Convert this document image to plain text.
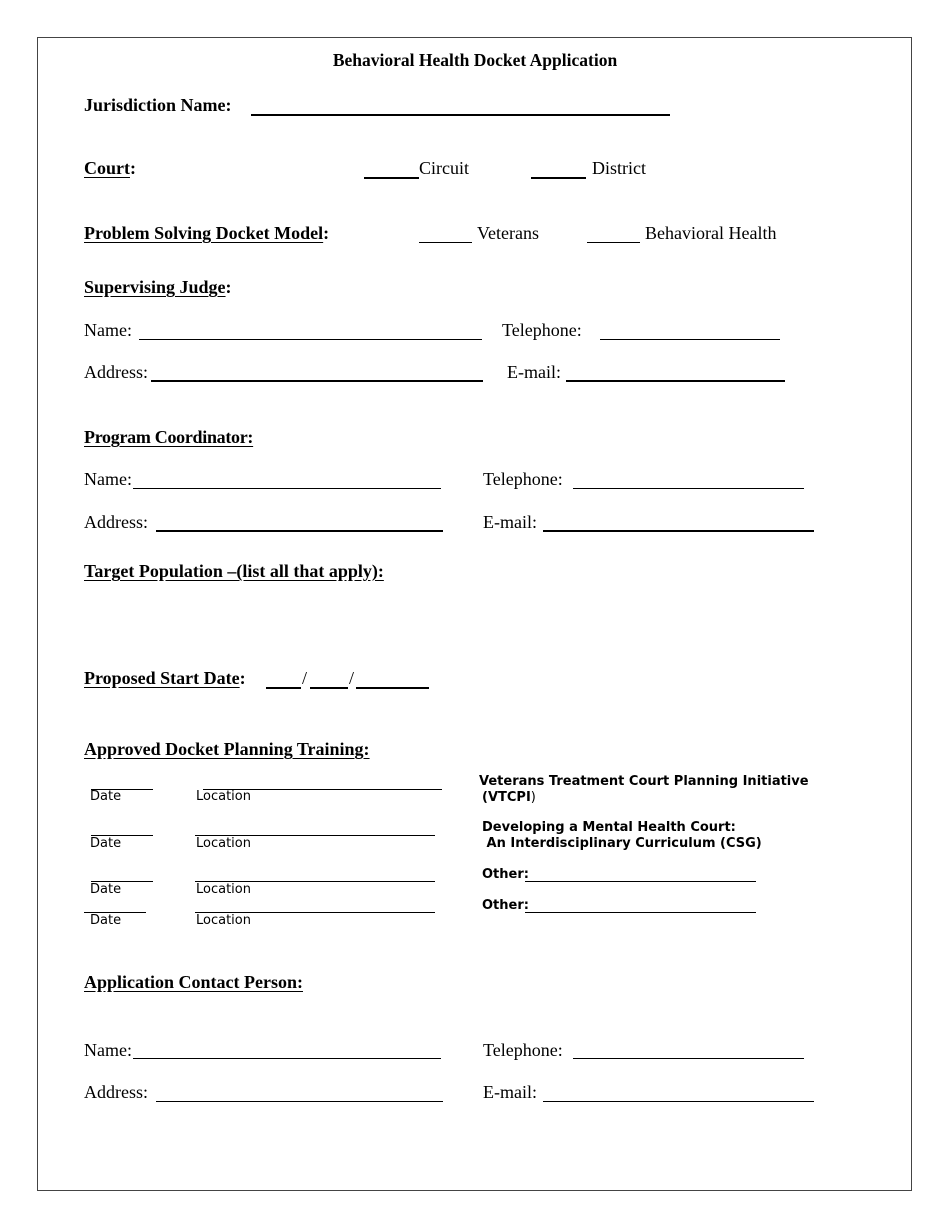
Behavioral Health Docket Application
Jurisdiction Name:
Court:	Circuit	District
Problem Solving Docket Model:	Veterans	Behavioral Health
Supervising Judge:
Name:	Telephone:
Address:	E-mail:
Program Coordinator:
Name:	Telephone:
Address:	E-mail:
Target Population –(list all that apply):
Proposed Start Date:	/ /
Approved Docket Planning Training:
Date	Location
Date	Location
Date	Location
Date	Location
Veterans Treatment Court Planning Initiative
(VTCPI)
Developing a Mental Health Court:
An Interdisciplinary Curriculum (CSG)
Other:
Other:
Application Contact Person:
Name:	Telephone:
Address:	E-mail:
